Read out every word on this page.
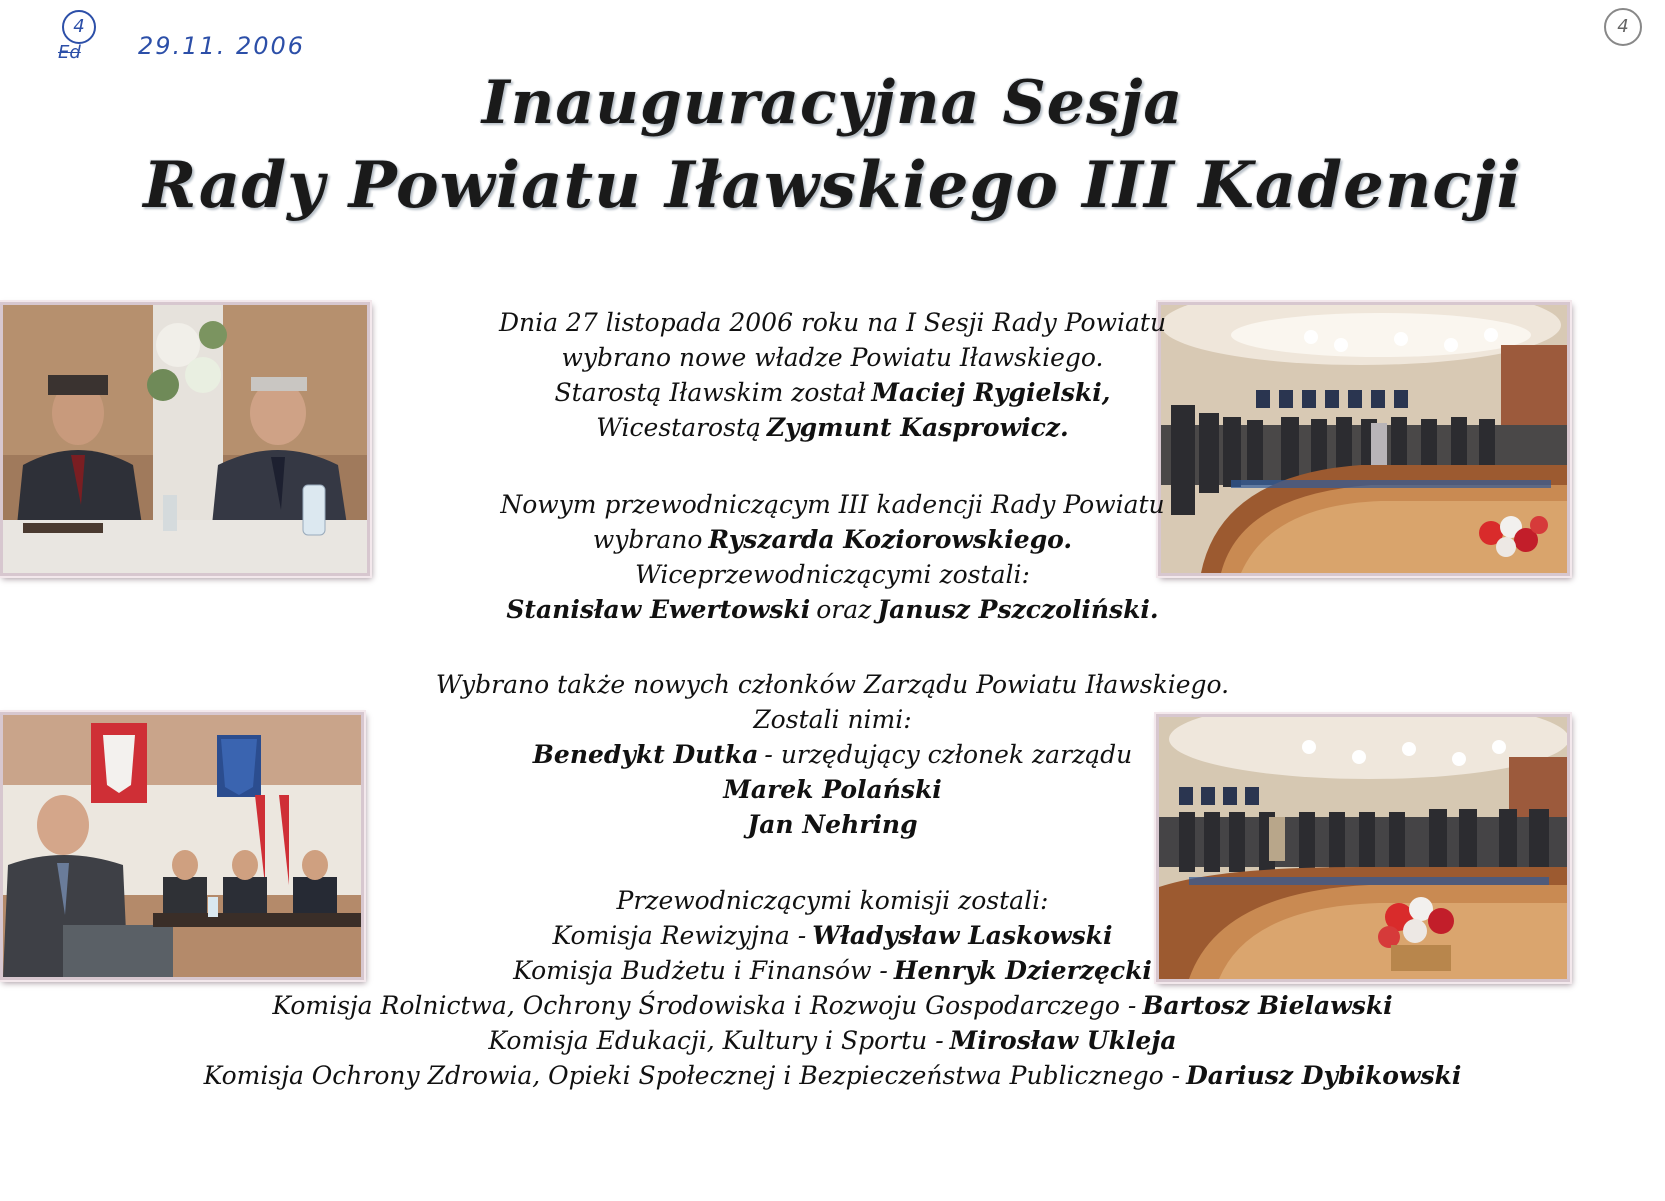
4
Ed	29.11. 2006
4
Inauguracyjna Sesja
Rady Powiatu Iławskiego III Kadencji
Dnia 27 listopada 2006 roku na I Sesji Rady Powiatu
wybrano nowe władze Powiatu Iławskiego.
Starostą Iławskim został Maciej Rygielski,
Wicestarostą Zygmunt Kasprowicz.
Nowym przewodniczącym III kadencji Rady Powiatu
wybrano Ryszarda Koziorowskiego.
Wiceprzewodniczącymi zostali:
Stanisław Ewertowski oraz Janusz Pszczoliński.
Wybrano także nowych członków Zarządu Powiatu Iławskiego.
Zostali nimi:
Benedykt Dutka - urzędujący członek zarządu
Marek Polański
Jan Nehring
Przewodniczącymi komisji zostali:
Komisja Rewizyjna - Władysław Laskowski
Komisja Budżetu i Finansów - Henryk Dzierzęcki
Komisja Rolnictwa, Ochrony Środowiska i Rozwoju Gospodarczego - Bartosz Bielawski
Komisja Edukacji, Kultury i Sportu - Mirosław Ukleja
Komisja Ochrony Zdrowia, Opieki Społecznej i Bezpieczeństwa Publicznego - Dariusz Dybikowski
